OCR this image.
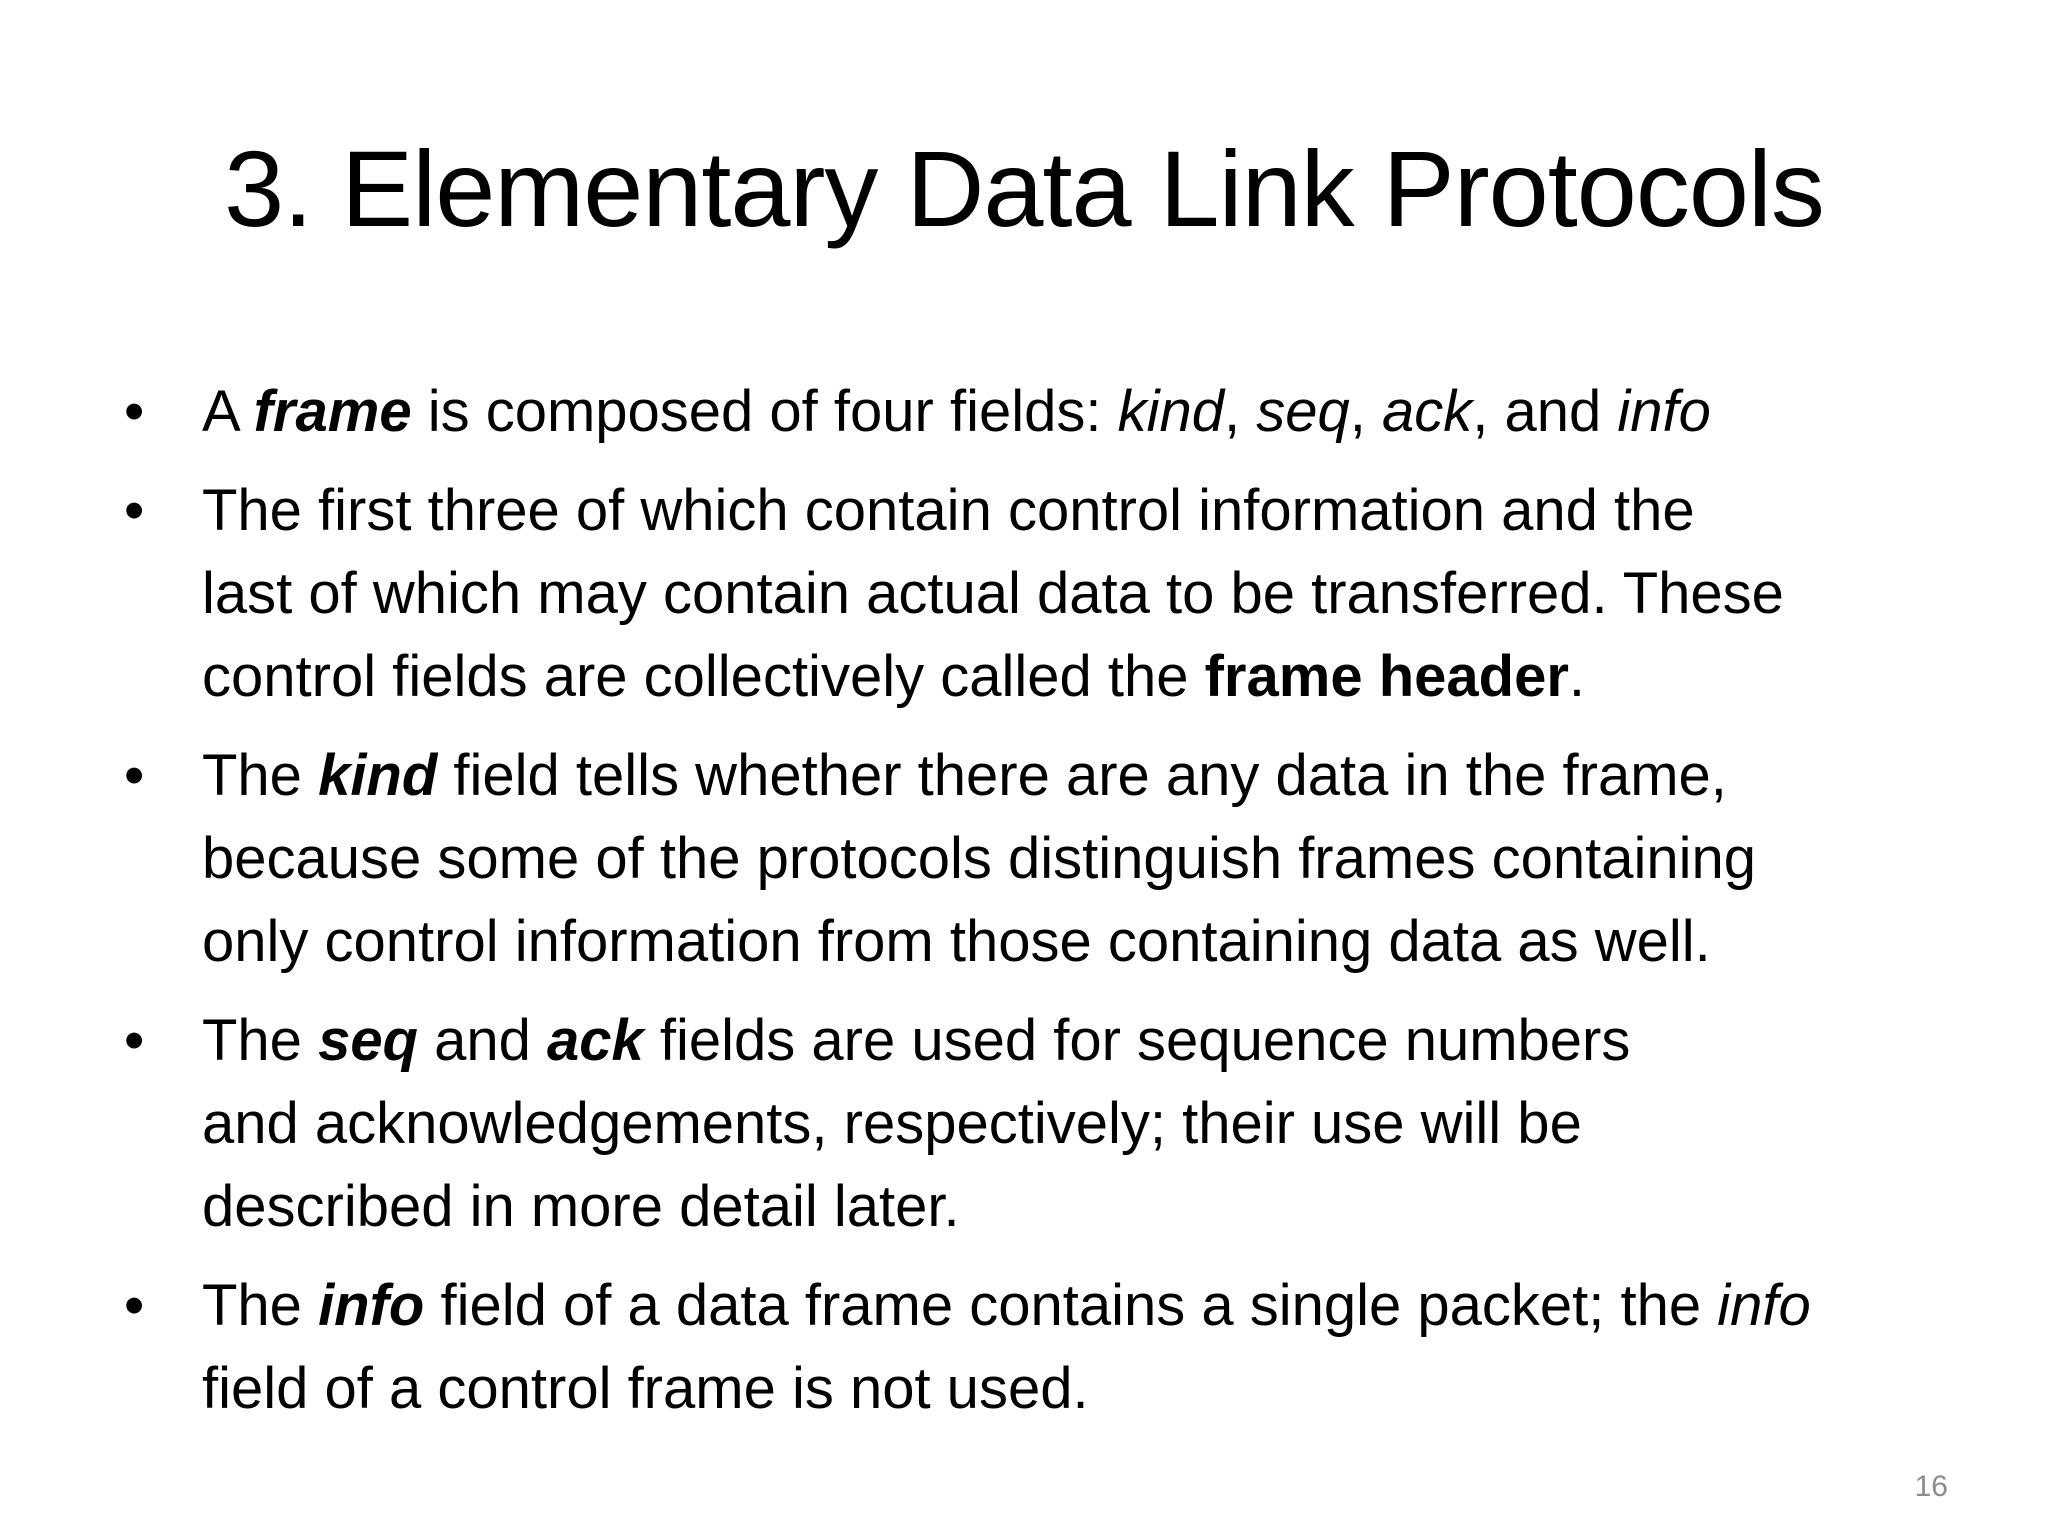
3. Elementary Data Link Protocols
• A frame is composed of four fields: kind, seq, ack, and info
• The first three of which contain control information and the
last of which may contain actual data to be transferred. These
control fields are collectively called the frame header.
• The kind field tells whether there are any data in the frame,
because some of the protocols distinguish frames containing
only control information from those containing data as well.
• The seq and ack fields are used for sequence numbers
and acknowledgements, respectively; their use will be
described in more detail later.
• The info field of a data frame contains a single packet; the info
field of a control frame is not used.
16
